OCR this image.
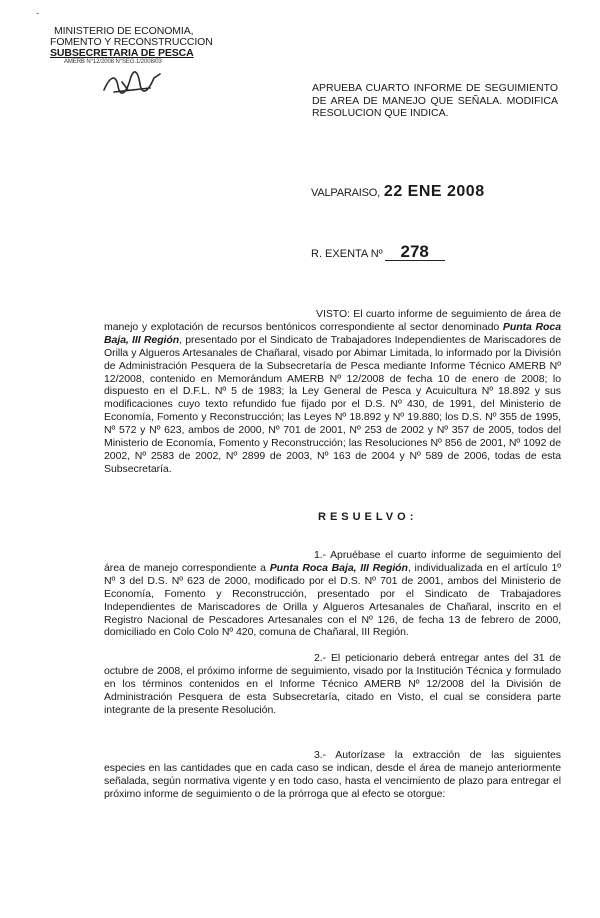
-
MINISTERIO DE ECONOMIA,
FOMENTO Y RECONSTRUCCION
SUBSECRETARIA DE PESCA
AMERB N°12/2008 N°SEG.1/2008/03
APRUEBA CUARTO INFORME DE SEGUIMIENTO DE AREA DE MANEJO QUE SEÑALA. MODIFICA RESOLUCION QUE INDICA.
VALPARAISO, 22 ENE 2008
R. EXENTA Nº 278
VISTO: El cuarto informe de seguimiento de área de manejo y explotación de recursos bentónicos correspondiente al sector denominado Punta Roca Baja, III Región, presentado por el Sindicato de Trabajadores Independientes de Mariscadores de Orilla y Algueros Artesanales de Chañaral, visado por Abimar Limitada, lo informado por la División de Administración Pesquera de la Subsecretaría de Pesca mediante Informe Técnico AMERB Nº 12/2008, contenido en Memorándum AMERB Nº 12/2008 de fecha 10 de enero de 2008; lo dispuesto en el D.F.L. Nº 5 de 1983; la Ley General de Pesca y Acuicultura Nº 18.892 y sus modificaciones cuyo texto refundido fue fijado por el D.S. Nº 430, de 1991, del Ministerio de Economía, Fomento y Reconstrucción; las Leyes Nº 18.892 y Nº 19.880; los D.S. Nº 355 de 1995, Nº 572 y Nº 623, ambos de 2000, Nº 701 de 2001, Nº 253 de 2002 y Nº 357 de 2005, todos del Ministerio de Economía, Fomento y Reconstrucción; las Resoluciones Nº 856 de 2001, Nº 1092 de 2002, Nº 2583 de 2002, Nº 2899 de 2003, Nº 163 de 2004 y Nº 589 de 2006, todas de esta Subsecretaría.
RESUELVO:
1.- Apruébase el cuarto informe de seguimiento del área de manejo correspondiente a Punta Roca Baja, III Región, individualizada en el artículo 1º Nº 3 del D.S. Nº 623 de 2000, modificado por el D.S. Nº 701 de 2001, ambos del Ministerio de Economía, Fomento y Reconstrucción, presentado por el Sindicato de Trabajadores Independientes de Mariscadores de Orilla y Algueros Artesanales de Chañaral, inscrito en el Registro Nacional de Pescadores Artesanales con el Nº 126, de fecha 13 de febrero de 2000, domiciliado en Colo Colo Nº 420, comuna de Chañaral, III Región.
2.- El peticionario deberá entregar antes del 31 de octubre de 2008, el próximo informe de seguimiento, visado por la Institución Técnica y formulado en los términos contenidos en el Informe Técnico AMERB Nº 12/2008 del la División de Administración Pesquera de esta Subsecretaría, citado en Visto, el cual se considera parte integrante de la presente Resolución.
3.- Autorízase la extracción de las siguientes especies en las cantidades que en cada caso se indican, desde el área de manejo anteriormente señalada, según normativa vigente y en todo caso, hasta el vencimiento de plazo para entregar el próximo informe de seguimiento o de la prórroga que al efecto se otorgue:
